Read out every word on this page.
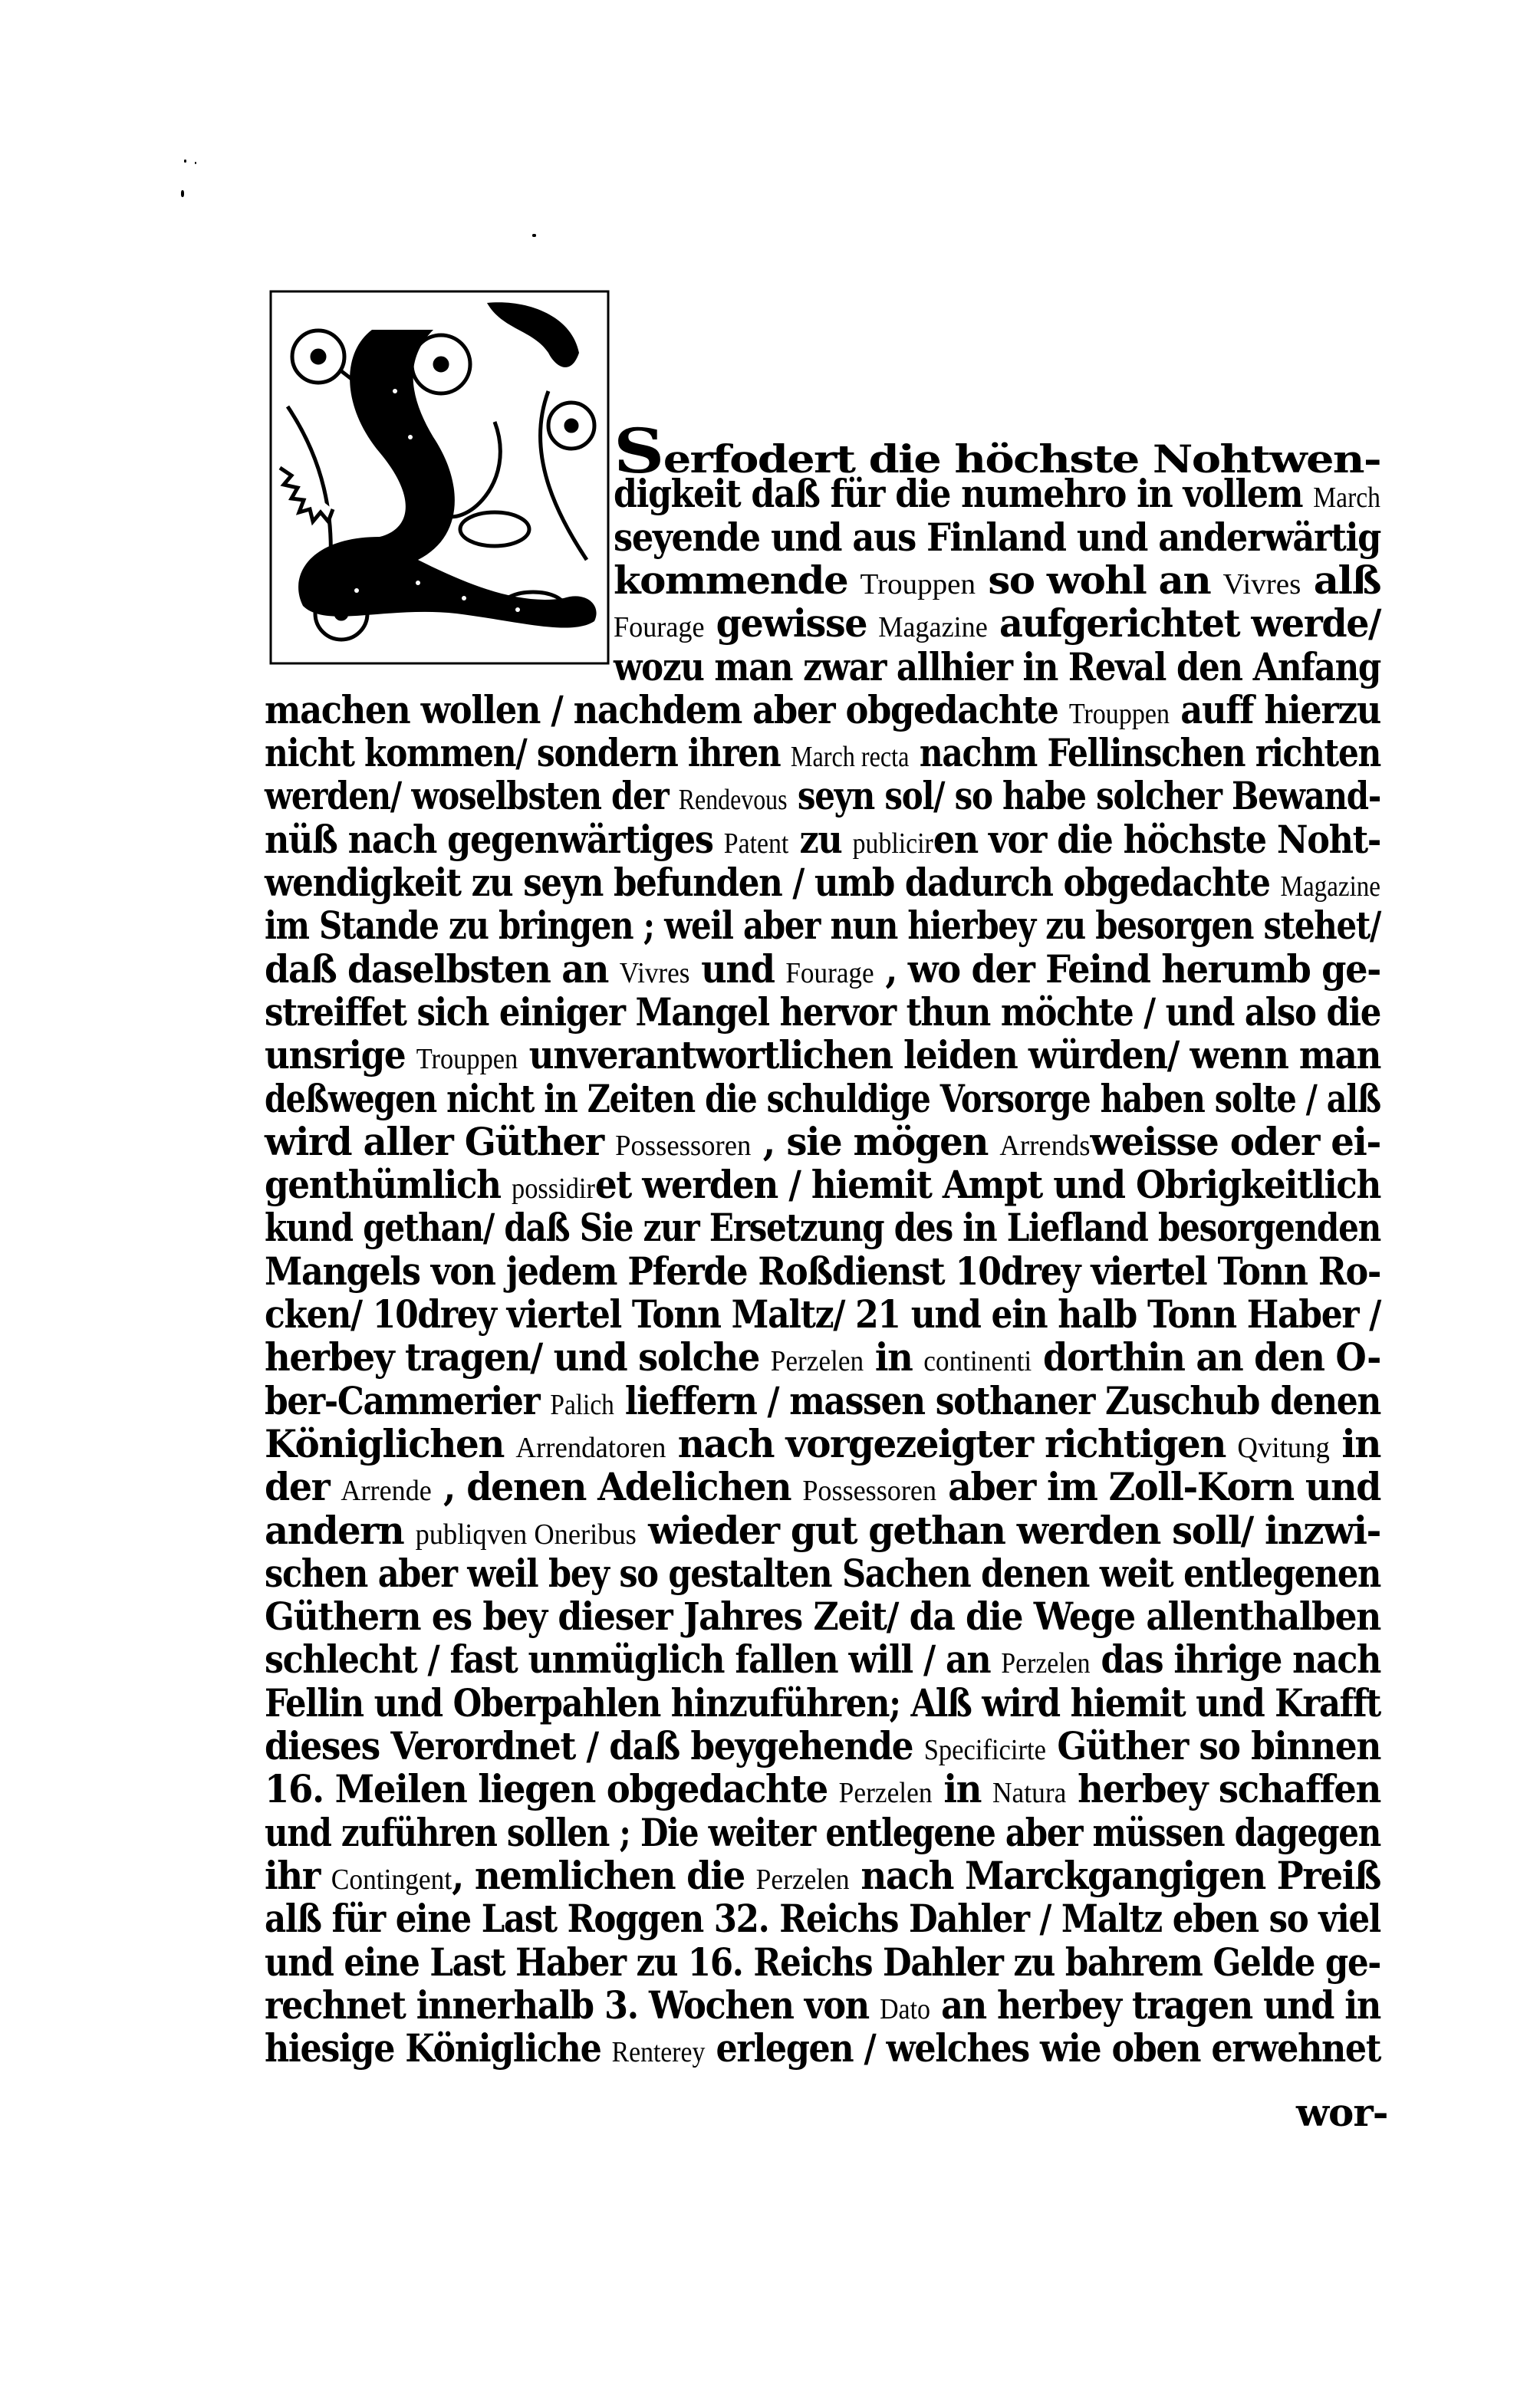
Serfodert die höchste Nohtwen-
digkeit daß für die numehro in vollem March
seyende und aus Finland und anderwärtig
kommende Trouppen so wohl an Vivres alß
Fourage gewisse Magazine aufgerichtet werde/
wozu man zwar allhier in Reval den Anfang
machen wollen / nachdem aber obgedachte Trouppen auff hierzu
nicht kommen/ sondern ihren March recta nachm Fellinschen richten
werden/ woselbsten der Rendevous seyn sol/ so habe solcher Bewand-
nüß nach gegenwärtiges Patent zu publiciren vor die höchste Noht-
wendigkeit zu seyn befunden / umb dadurch obgedachte Magazine
im Stande zu bringen ; weil aber nun hierbey zu besorgen stehet/
daß daselbsten an Vivres und Fourage , wo der Feind herumb ge-
streiffet sich einiger Mangel hervor thun möchte / und also die
unsrige Trouppen unverantwortlichen leiden würden/ wenn man
deßwegen nicht in Zeiten die schuldige Vorsorge haben solte / alß
wird aller Güther Possessoren , sie mögen Arrendsweisse oder ei-
genthümlich possidiret werden / hiemit Ampt und Obrigkeitlich
kund gethan/ daß Sie zur Ersetzung des in Liefland besorgenden
Mangels von jedem Pferde Roßdienst 10drey viertel Tonn Ro-
cken/ 10drey viertel Tonn Maltz/ 21 und ein halb Tonn Haber /
herbey tragen/ und solche Perzelen in continenti dorthin an den O-
ber-Cammerier Palich lieffern / massen sothaner Zuschub denen
Königlichen Arrendatoren nach vorgezeigter richtigen Qvitung in
der Arrende , denen Adelichen Possessoren aber im Zoll-Korn und
andern publiqven Oneribus wieder gut gethan werden soll/ inzwi-
schen aber weil bey so gestalten Sachen denen weit entlegenen
Güthern es bey dieser Jahres Zeit/ da die Wege allenthalben
schlecht / fast unmüglich fallen will / an Perzelen das ihrige nach
Fellin und Oberpahlen hinzuführen; Alß wird hiemit und Krafft
dieses Verordnet / daß beygehende Specificirte Güther so binnen
16. Meilen liegen obgedachte Perzelen in Natura herbey schaffen
und zuführen sollen ; Die weiter entlegene aber müssen dagegen
ihr Contingent, nemlichen die Perzelen nach Marckgangigen Preiß
alß für eine Last Roggen 32. Reichs Dahler / Maltz eben so viel
und eine Last Haber zu 16. Reichs Dahler zu bahrem Gelde ge-
rechnet innerhalb 3. Wochen von Dato an herbey tragen und in
hiesige Königliche Renterey erlegen / welches wie oben erwehnet
wor-
